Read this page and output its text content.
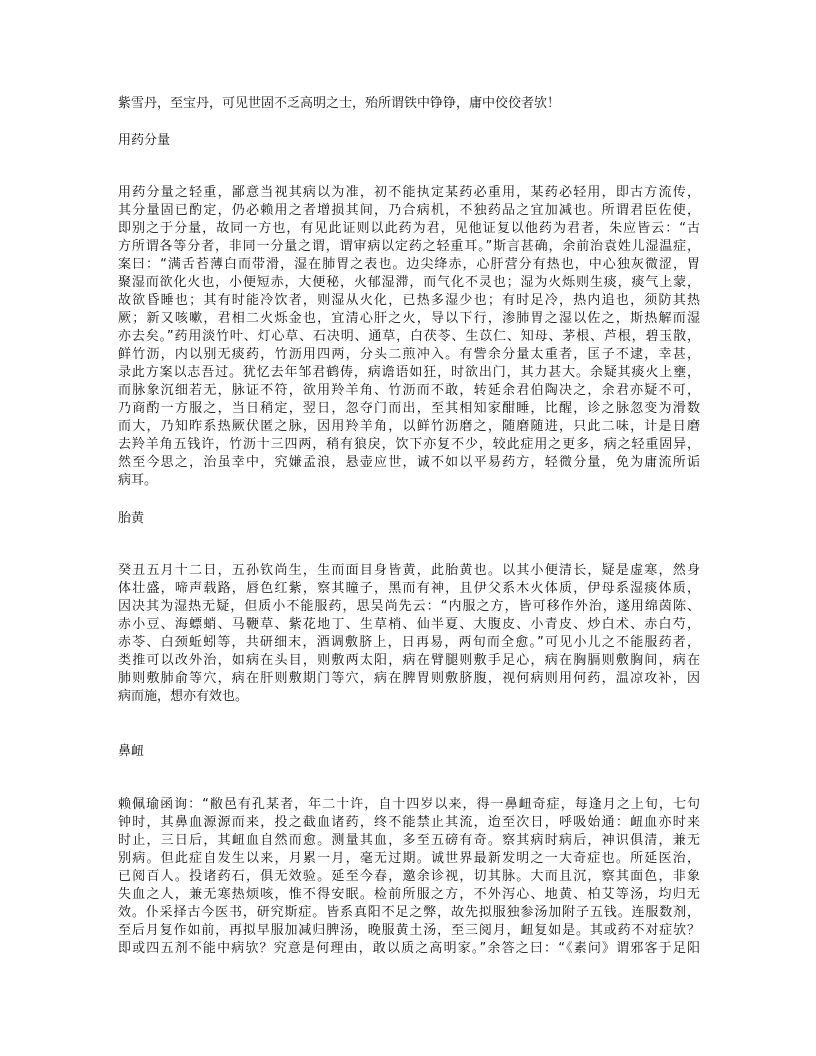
紫雪丹，至宝丹，可见世固不乏高明之士，殆所谓铁中铮铮，庸中佼佼者欤！
用药分量
用药分量之轻重，鄙意当视其病以为准，初不能执定某药必重用，某药必轻用，即古方流传，
其分量固已酌定，仍必赖用之者增损其间，乃合病机，不独药品之宜加减也。所谓君臣佐使，
即别之于分量，故同一方也，有见此证则以此药为君，见他证复以他药为君者，朱应皆云：“古
方所谓各等分者，非同一分量之谓，谓审病以定药之轻重耳。”斯言甚确，余前治袁姓儿湿温症，
案曰：“满舌苔薄白而带滑，湿在肺胃之表也。边尖绛赤，心肝营分有热也，中心独灰微涩，胃
聚湿而欲化火也，小便短赤，大便秘，火郁湿滞，而气化不灵也；湿为火烁则生痰，痰气上蒙，
故欲昏睡也；其有时能冷饮者，则湿从火化，已热多湿少也；有时足冷，热内追也，须防其热
厥；新又咳嗽，君相二火烁金也，宜清心肝之火，导以下行，渗肺胃之湿以佐之，斯热解而湿
亦去矣。”药用淡竹叶、灯心草、石决明、通草，白茯苓、生苡仁、知母、茅根、芦根，碧玉散，
鲜竹沥，内以别无痰药，竹沥用四两，分头二煎冲入。有訾余分量太重者，匡子不逮，幸甚，
录此方案以志吾过。犹忆去年邹君鹤俦，病谵语如狂，时欲出门，其力甚大。余疑其痰火上壅，
而脉象沉细若无，脉证不符，欲用羚羊角、竹沥而不敢，转延余君伯陶决之，余君亦疑不可，
乃商酌一方服之，当日稍定，翌日，忽夺门而出，至其相知家酣睡，比醒，诊之脉忽变为滑数
而大，乃知昨系热厥伏匿之脉，因用羚羊角，以鲜竹沥磨之，随磨随进，只此二味，计是日磨
去羚羊角五钱许，竹沥十三四两，稍有狼戾，饮下亦复不少，较此症用之更多，病之轻重固异，
然至今思之，治虽幸中，究嫌孟浪，悬壶应世，诚不如以平易药方，轻微分量，免为庸流所诟
病耳。
胎黄
癸丑五月十二日，五孙钦尚生，生而面目身皆黄，此胎黄也。以其小便清长，疑是虚寒，然身
体壮盛，啼声载路，唇色红紫，察其瞳子，黑而有神，且伊父系木火体质，伊母系湿痰体质，
因决其为湿热无疑，但质小不能服药，思吴尚先云：“内服之方，皆可移作外治，遂用绵茵陈、
赤小豆、海螵蛸、马鞭草、紫花地丁、生草梢、仙半夏、大腹皮、小青皮、炒白术、赤白芍，
赤苓、白颈蚯蚓等，共研细末，酒调敷脐上，日再易，两旬而全愈。”可见小儿之不能服药者，
类推可以改外治，如病在头目，则敷两太阳，病在臂腿则敷手足心，病在胸膈则敷胸间，病在
肺则敷肺俞等穴，病在肝则敷期门等穴，病在脾胃则敷脐腹，视何病则用何药，温凉攻补，因
病而施，想亦有效也。
鼻衄
赖佩瑜函询：“敝邑有孔某者，年二十许，自十四岁以来，得一鼻衄奇症，每逢月之上旬，七句
钟时，其鼻血源源而来，投之截血诸药，终不能禁止其流，迨至次日，呼吸始通：衄血亦时来
时止，三日后，其衄血自然而愈。测量其血，多至五磅有奇。察其病时病后，神识俱清，兼无
别病。但此症自发生以来，月累一月，毫无过期。诚世界最新发明之一大奇症也。所延医治，
已阅百人。投诸药石，俱无效验。延至今春，邀余诊视，切其脉。大而且沉，察其面色，非象
失血之人，兼无寒热烦咳，惟不得安眠。检前所服之方，不外泻心、地黄、柏艾等汤，均归无
效。仆采择古今医书，研究斯症。皆系真阳不足之弊，故先拟服独参汤加附子五钱。连服数剂，
至后月复作如前，再拟早服加减归脾汤，晚服黄土汤，至三阅月，衄复如是。其或药不对症欤？
即或四五剂不能中病欤？究意是何理由，敢以质之高明家。”余答之曰：“《素问》谓邪客于足阳
